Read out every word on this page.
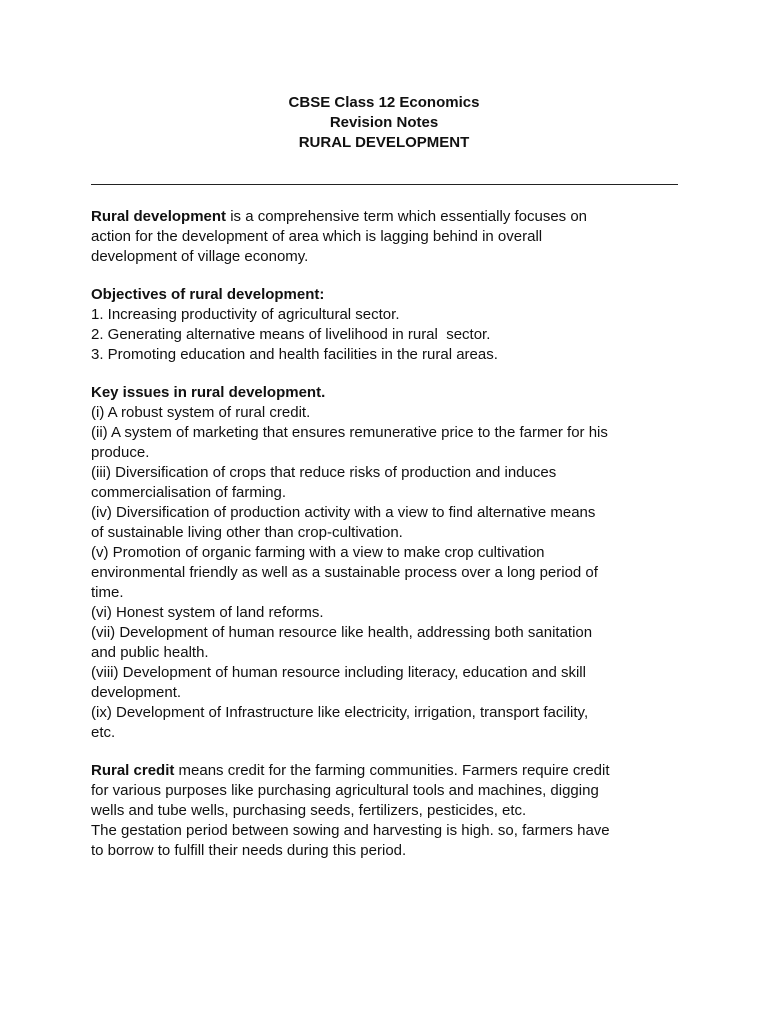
CBSE Class 12 Economics
Revision Notes
RURAL DEVELOPMENT
Rural development is a comprehensive term which essentially focuses on
action for the development of area which is lagging behind in overall
development of village economy.
Objectives of rural development:
1. Increasing productivity of agricultural sector.
2. Generating alternative means of livelihood in rural  sector.
3. Promoting education and health facilities in the rural areas.
Key issues in rural development.
(i) A robust system of rural credit.
(ii) A system of marketing that ensures remunerative price to the farmer for his
produce.
(iii) Diversification of crops that reduce risks of production and induces
commercialisation of farming.
(iv) Diversification of production activity with a view to find alternative means
of sustainable living other than crop-cultivation.
(v) Promotion of organic farming with a view to make crop cultivation
environmental friendly as well as a sustainable process over a long period of
time.
(vi) Honest system of land reforms.
(vii) Development of human resource like health, addressing both sanitation
and public health.
(viii) Development of human resource including literacy, education and skill
development.
(ix) Development of Infrastructure like electricity, irrigation, transport facility,
etc.
Rural credit means credit for the farming communities. Farmers require credit
for various purposes like purchasing agricultural tools and machines, digging
wells and tube wells, purchasing seeds, fertilizers, pesticides, etc.
The gestation period between sowing and harvesting is high. so, farmers have
to borrow to fulfill their needs during this period.
